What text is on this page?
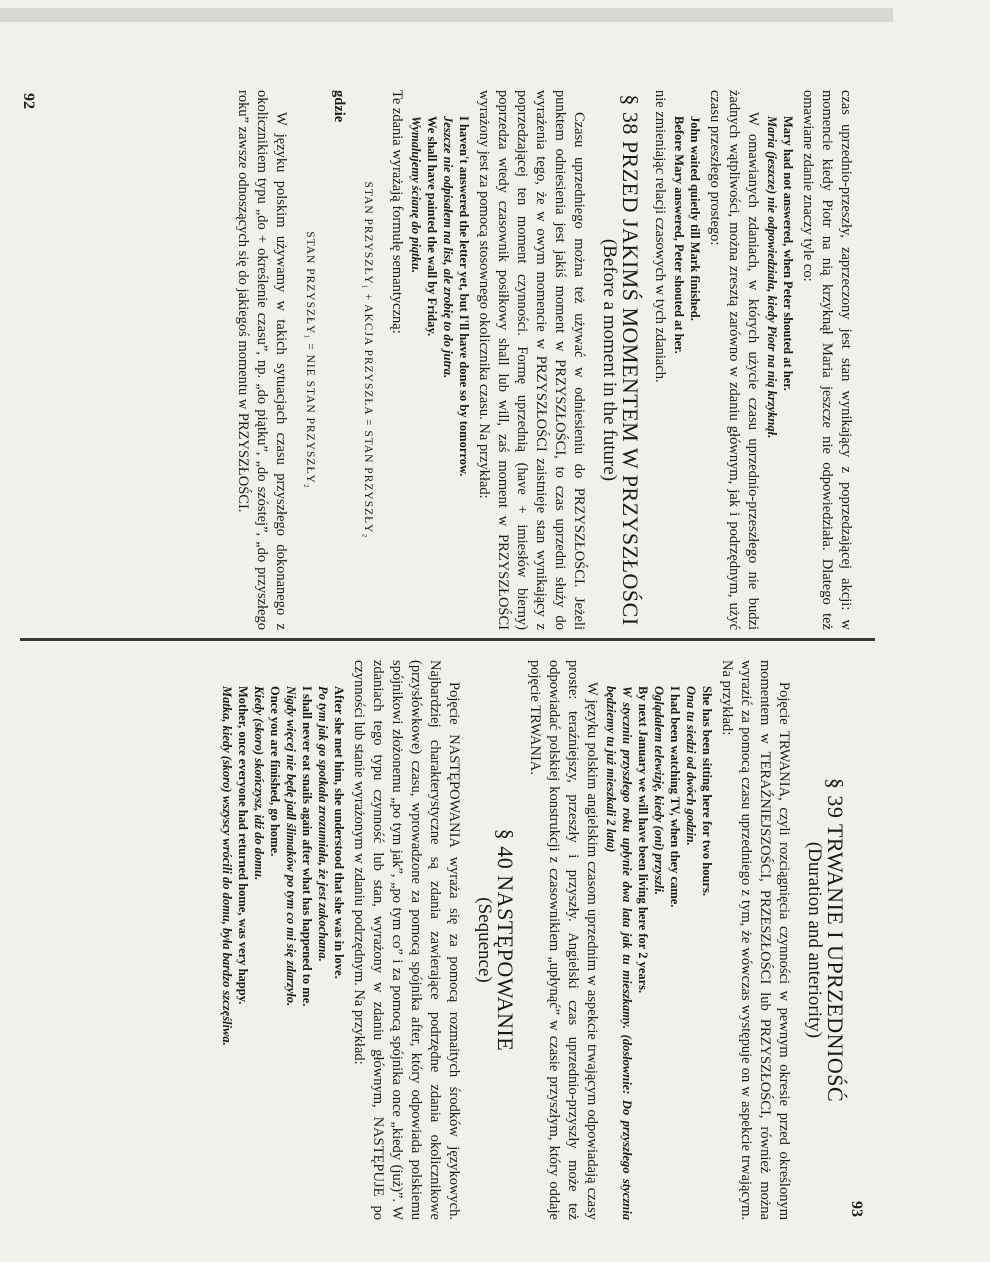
92	czas uprzednio-przeszły, zaprzeczony jest stan wynikający z poprzedzającej akcji: w momencie kiedy Piotr na nią krzyknął Maria jeszcze nie odpowiedziała. Dlatego też omawiane zdanie znaczy tyle co:

Mary had not answered, when Peter shouted at her.
Maria (jeszcze) nie odpowiedziała, kiedy Piotr na nią krzyknął.

W omawianych zdaniach, w których użycie czasu uprzednio-przeszłego nie budzi żadnych wątpliwości, można zresztą zarówno w zdaniu głównym, jak i podrzędnym, użyć czasu przeszłego prostego:

John waited quietly till Mark finished.
Before Mary answered, Peter shouted at her.

nie zmieniając relacji czasowych w tych zdaniach.

§ 38 PRZED JAKIMŚ MOMENTEM W PRZYSZŁOŚCI
(Before a moment in the future)

Czasu uprzedniego można też używać w odniesieniu do PRZYSZŁOŚCI. Jeżeli punktem odniesienia jest jakiś moment w PRZYSZŁOŚCI, to czas uprzedni służy do wyrażenia tego, że w owym momencie w PRZYSZŁOŚCI zaistnieje stan wynikający z poprzedzającej ten moment czynności. Formę uprzednią (have + imiesłów bierny) poprzedza wtedy czasownik posiłkowy shall lub will, zaś moment w PRZYSZŁOŚCI wyrażony jest za pomocą stosownego okolicznika czasu. Na przykład:

I haven't answered the letter yet, but I'll have done so by tomorrow.
Jeszcze nie odpisałem na list, ale zrobię to do jutra.
We shall have painted the wall by Friday.
Wymalujemy ścianę do piątku.

Te zdania wyrażają formułę semantyczną:

STAN PRZYSZŁY₁ + AKCJA PRZYSZŁA = STAN PRZYSZŁY₂
gdzie
STAN PRZYSZŁY₁ = NIE STAN PRZYSZŁY₂

W języku polskim używamy w takich sytuacjach czasu przyszłego dokonanego z okolicznikiem typu „do + określenie czasu”, np. „do piątku”, „do szóstej”, „do przyszłego roku” zawsze odnoszących się do jakiegoś momentu w PRZYSZŁOŚCI.

§ 39 TRWANIE I UPRZEDNIOŚĆ
(Duration and anteriority)

Pojęcie TRWANIA, czyli rozciągnięcia czynności w pewnym okresie przed określonym momentem w TERAŹNIEJSZOŚCI, PRZESZŁOŚCI lub PRZYSZŁOŚCI, również można wyrazić za pomocą czasu uprzedniego z tym, że wówczas występuje on w aspekcie trwającym. Na przykład:

She has been sitting here for two hours.
Ona tu siedzi od dwóch godzin.
I had been watching TV, when they came.
Oglądałem telewizję, kiedy (oni) przyszli.
By next January we will have been living here for 2 years.
W styczniu przyszłego roku upłynie dwa lata jak tu mieszkamy. (dosłownie: Do przyszłego stycznia będziemy tu już mieszkali 2 lata)

W języku polskim angielskim czasom uprzednim w aspekcie trwającym odpowiadają czasy proste: teraźniejszy, przeszły i przyszły. Angielski czas uprzednio-przyszły może też odpowiadać polskiej konstrukcji z czasownikiem „upłynąć” w czasie przyszłym, który oddaje pojęcie TRWANIA.

§ 40 NASTĘPOWANIE
(Sequence)

Pojęcie NASTĘPOWANIA wyraża się za pomocą rozmaitych środków językowych. Najbardziej charakterystyczne są zdania zawierające podrzędne zdania okolicznikowe (przysłówkowe) czasu, wprowadzone za pomocą spójnika after, który odpowiada polskiemu spójnikowi złożonemu „po tym jak”, „po tym co” i za pomocą spójnika once „kiedy (już)”. W zdaniach tego typu czynność lub stan, wyrażony w zdaniu głównym, NASTĘPUJE po czynności lub stanie wyrażonym w zdaniu podrzędnym. Na przykład:

After she met him, she understood that she was in love.
Po tym jak go spotkała zrozumiała, że jest zakochana.
I shall never eat snails again after what has happened to me.
Nigdy więcej nie będę jadł ślimaków po tym co mi się zdarzyło.
Once you are finished, go home.
Kiedy (skoro) skończysz, idź do domu.
Mother, once everyone had returned home, was very happy.
Matka, kiedy (skoro) wszyscy wrócili do domu, była bardzo szczęśliwa.
93
